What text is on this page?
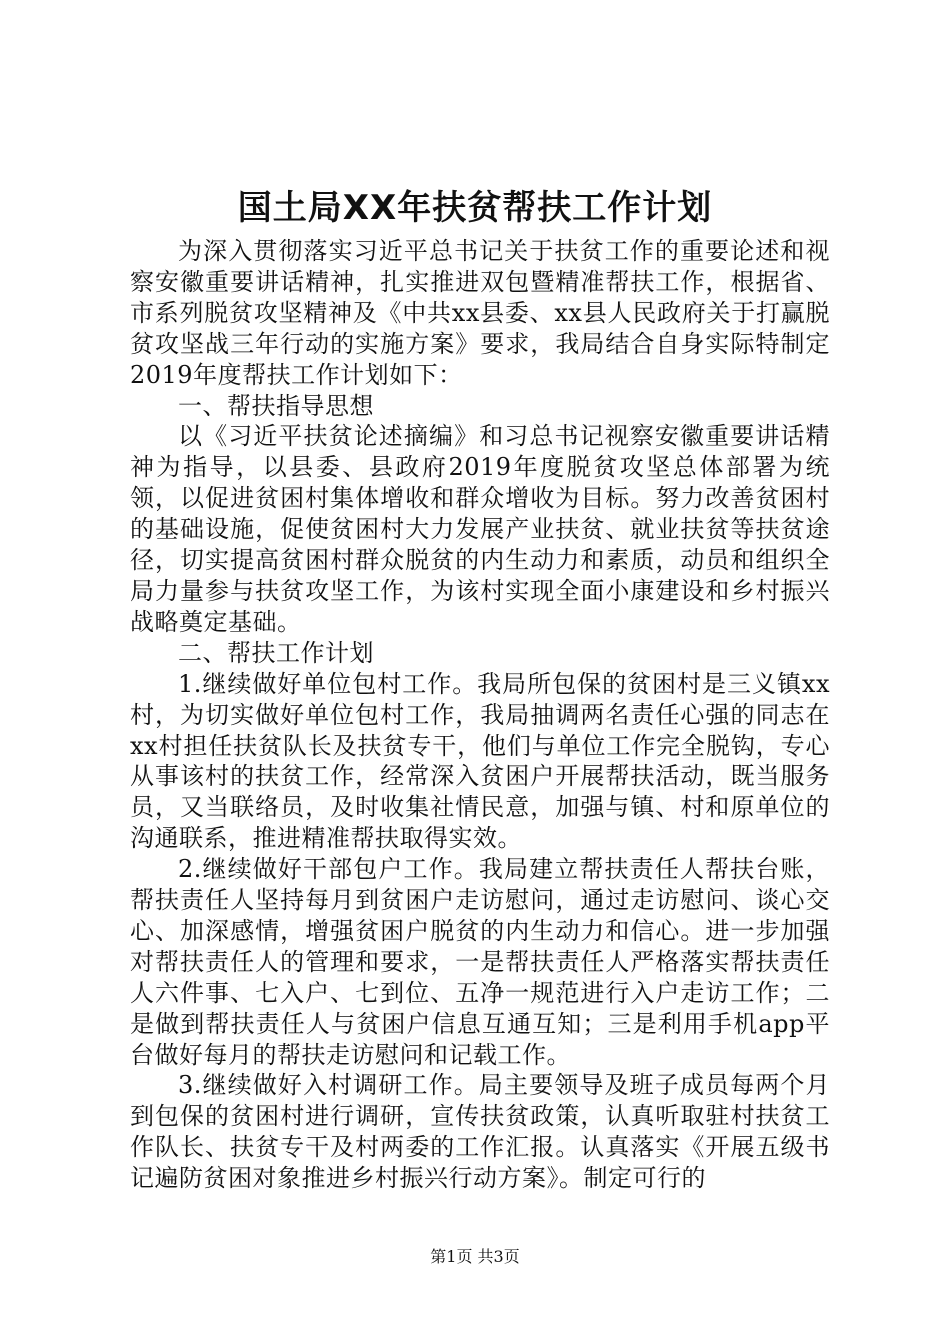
国土局XX年扶贫帮扶工作计划

为深入贯彻落实习近平总书记关于扶贫工作的重要论述和视察安徽重要讲话精神，扎实推进双包暨精准帮扶工作，根据省、市系列脱贫攻坚精神及《中共xx县委、xx县人民政府关于打赢脱贫攻坚战三年行动的实施方案》要求，我局结合自身实际特制定2019年度帮扶工作计划如下：

一、帮扶指导思想

以《习近平扶贫论述摘编》和习总书记视察安徽重要讲话精神为指导，以县委、县政府2019年度脱贫攻坚总体部署为统领，以促进贫困村集体增收和群众增收为目标。努力改善贫困村的基础设施，促使贫困村大力发展产业扶贫、就业扶贫等扶贫途径，切实提高贫困村群众脱贫的内生动力和素质，动员和组织全局力量参与扶贫攻坚工作，为该村实现全面小康建设和乡村振兴战略奠定基础。

二、帮扶工作计划

1.继续做好单位包村工作。我局所包保的贫困村是三义镇xx村，为切实做好单位包村工作，我局抽调两名责任心强的同志在xx村担任扶贫队长及扶贫专干，他们与单位工作完全脱钩，专心从事该村的扶贫工作，经常深入贫困户开展帮扶活动，既当服务员，又当联络员，及时收集社情民意，加强与镇、村和原单位的沟通联系，推进精准帮扶取得实效。

2.继续做好干部包户工作。我局建立帮扶责任人帮扶台账，帮扶责任人坚持每月到贫困户走访慰问，通过走访慰问、谈心交心、加深感情，增强贫困户脱贫的内生动力和信心。进一步加强对帮扶责任人的管理和要求，一是帮扶责任人严格落实帮扶责任人六件事、七入户、七到位、五净一规范进行入户走访工作；二是做到帮扶责任人与贫困户信息互通互知；三是利用手机app平台做好每月的帮扶走访慰问和记载工作。

3.继续做好入村调研工作。局主要领导及班子成员每两个月到包保的贫困村进行调研，宣传扶贫政策，认真听取驻村扶贫工作队长、扶贫专干及村两委的工作汇报。认真落实《开展五级书记遍防贫困对象推进乡村振兴行动方案》。制定可行的

第1页 共3页
